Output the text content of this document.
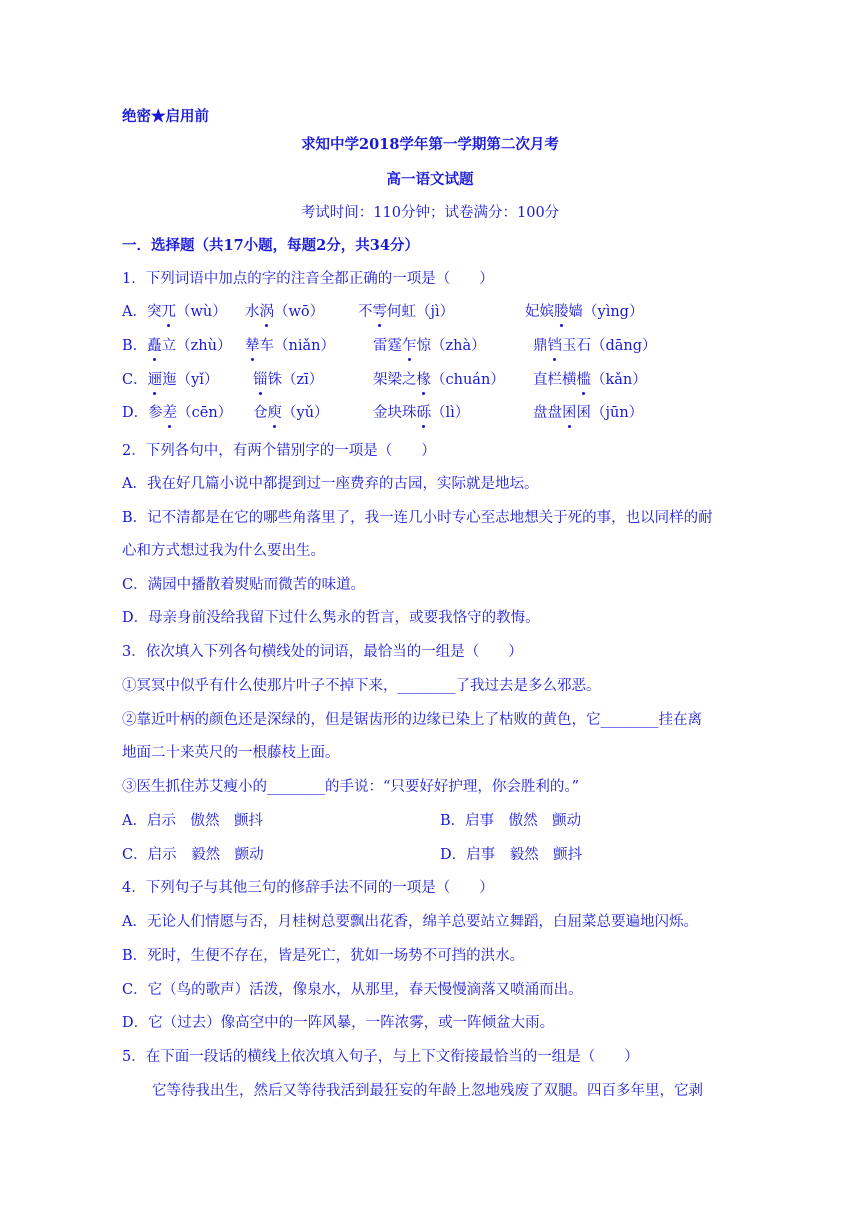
绝密★启用前
求知中学2018学年第一学期第二次月考
高一语文试题
考试时间：110分钟；试卷满分：100分
一．选择题（共17小题，每题2分，共34分）
1．下列词语中加点的字的注音全都正确的一项是（　　）
A．突兀（wù） 水涡（wō） 不雩何虹（jì）	妃嫔媵嫱（yìng）
B．矗立（zhù） 辇车（niǎn）	雷霆乍惊（zhà）	鼎铛玉石（dāng）
C．逦迤（yǐ） 锱铢（zī）	架梁之椽（chuán） 直栏横槛（kǎn）
D．参差（cēn） 仓庾（yǔ）	金块珠砾（lì）	盘盘囷囷（jūn）
2．下列各句中，有两个错别字的一项是（　　）
A．我在好几篇小说中都提到过一座费弃的古园，实际就是地坛。
B．记不清都是在它的哪些角落里了，我一连几小时专心至志地想关于死的事，也以同样的耐
心和方式想过我为什么要出生。
C．满园中播散着熨贴而微苦的味道。
D．母亲身前没给我留下过什么隽永的哲言，或要我恪守的教悔。
3．依次填入下列各句横线处的词语，最恰当的一组是（　　）
①冥冥中似乎有什么使那片叶子不掉下来，________了我过去是多么邪恶。
②靠近叶柄的颜色还是深绿的，但是锯齿形的边缘已染上了枯败的黄色，它________挂在离
地面二十来英尺的一根藤枝上面。
③医生抓住苏艾瘦小的________的手说：“只要好好护理，你会胜利的。”
A．启示　傲然　颤抖	B．启事　傲然　颤动
C．启示　毅然　颤动	D．启事　毅然　颤抖
4．下列句子与其他三句的修辞手法不同的一项是（　　）
A．无论人们情愿与否，月桂树总要飘出花香，绵羊总要站立舞蹈，白屈菜总要遍地闪烁。
B．死时，生便不存在，皆是死亡，犹如一场势不可挡的洪水。
C．它（鸟的歌声）活泼，像泉水，从那里，春天慢慢滴落又喷涌而出。
D．它（过去）像高空中的一阵风暴，一阵浓雾，或一阵倾盆大雨。
5．在下面一段话的横线上依次填入句子，与上下文衔接最恰当的一组是（　　）
它等待我出生，然后又等待我活到最狂妄的年龄上忽地残废了双腿。四百多年里，它剥
